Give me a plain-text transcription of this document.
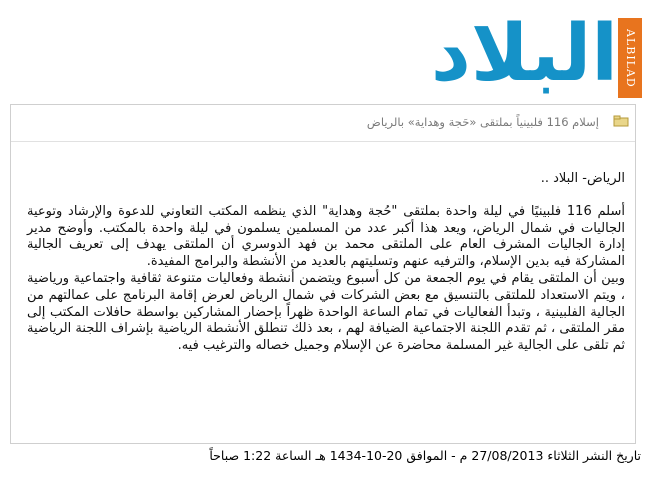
البلاد ALBILAD
إسلام 116 فلبينياً بملتقى «حَجة وهداية» بالرياض

الرياض- البلاد ..

أسلم 116 فلبينيًا في ليلة واحدة بملتقى "حُجة وهداية" الذي ينظمه المكتب التعاوني للدعوة والإرشاد وتوعية الجاليات في شمال الرياض، ويعد هذا أكبر عدد من المسلمين يسلمون في ليلة واحدة بالمكتب. وأوضح مدير إدارة الجاليات المشرف العام على الملتقى محمد بن فهد الدوسري أن الملتقى يهدف إلى تعريف الجالية المشاركة فيه بدين الإسلام، والترفيه عنهم وتسليتهم بالعديد من الأنشطة والبرامج المفيدة.

وبين أن الملتقى يقام في يوم الجمعة من كل أسبوع ويتضمن أنشطة وفعاليات متنوعة ثقافية واجتماعية ورياضية ، ويتم الاستعداد للملتقى بالتنسيق مع بعض الشركات في شمال الرياض لعرض إقامة البرنامج على عمالتهم من الجالية الفلبينية ، وتبدأ الفعاليات في تمام الساعة الواحدة ظهراً بإحضار المشاركين بواسطة حافلات المكتب إلى مقر الملتقى ، ثم تقدم اللجنة الاجتماعية الضيافة لهم ، بعد ذلك تنطلق الأنشطة الرياضية بإشراف اللجنة الرياضية ثم تلقى على الجالية غير المسلمة محاضرة عن الإسلام وجميل خصاله والترغيب فيه.

تاريخ النشر الثلاثاء 27/08/2013 م - الموافق 20-10-1434 هـ الساعة 1:22 صباحاً
